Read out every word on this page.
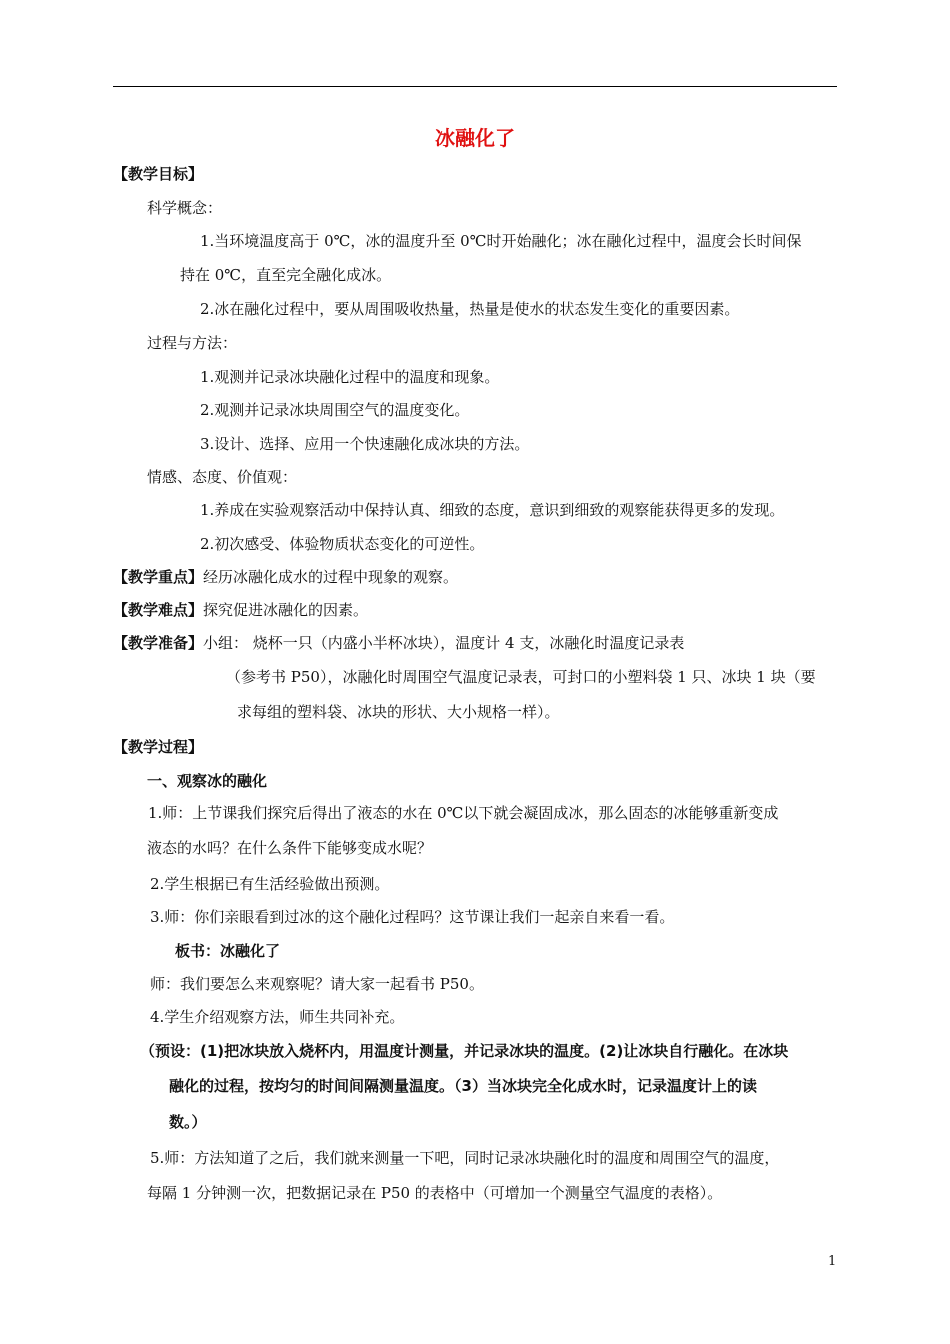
冰融化了
【教学目标】
科学概念：
1.当环境温度高于 0℃，冰的温度升至 0℃时开始融化；冰在融化过程中，温度会长时间保
持在 0℃，直至完全融化成冰。
2.冰在融化过程中，要从周围吸收热量，热量是使水的状态发生变化的重要因素。
过程与方法：
1.观测并记录冰块融化过程中的温度和现象。
2.观测并记录冰块周围空气的温度变化。
3.设计、选择、应用一个快速融化成冰块的方法。
情感、态度、价值观：
1.养成在实验观察活动中保持认真、细致的态度，意识到细致的观察能获得更多的发现。
2.初次感受、体验物质状态变化的可逆性。
【教学重点】经历冰融化成水的过程中现象的观察。
【教学难点】探究促进冰融化的因素。
【教学准备】小组： 烧杯一只（内盛小半杯冰块），温度计 4 支，冰融化时温度记录表
（参考书 P50），冰融化时周围空气温度记录表，可封口的小塑料袋 1 只、冰块 1 块（要
求每组的塑料袋、冰块的形状、大小规格一样）。
【教学过程】
一、观察冰的融化
1.师：上节课我们探究后得出了液态的水在 0℃以下就会凝固成冰，那么固态的冰能够重新变成
液态的水吗？在什么条件下能够变成水呢？
2.学生根据已有生活经验做出预测。
3.师：你们亲眼看到过冰的这个融化过程吗？这节课让我们一起亲自来看一看。
板书：冰融化了
师：我们要怎么来观察呢？请大家一起看书 P50。
4.学生介绍观察方法，师生共同补充。
（预设：(1)把冰块放入烧杯内，用温度计测量，并记录冰块的温度。(2)让冰块自行融化。在冰块
融化的过程，按均匀的时间间隔测量温度。（3）当冰块完全化成水时，记录温度计上的读
数。）
5.师：方法知道了之后，我们就来测量一下吧，同时记录冰块融化时的温度和周围空气的温度，
每隔 1 分钟测一次，把数据记录在 P50 的表格中（可增加一个测量空气温度的表格）。
1
